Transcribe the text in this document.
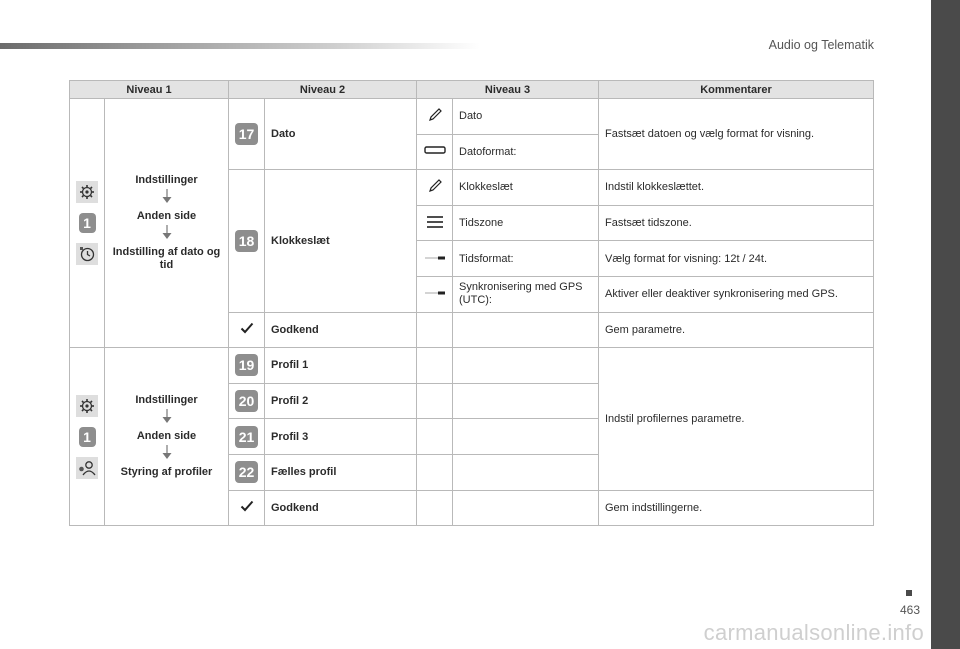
Audio og Telematik
463
carmanualsonline.info
Niveau 1		Niveau 2		Niveau 3		Kommentarer

1	Indstillinger
Anden side
Indstilling af dato og tid	17	Dato		Dato	Fastsæt datoen og vælg format for visning.
	Datoformat:	
		18	Klokkeslæt		Klokkeslæt	Indstil klokkeslættet.
	Tidszone	Fastsæt tidszone.
	Tidsformat:	Vælg format for visning: 12t / 24t.
	Synkronisering med GPS (UTC):	Aktiver eller deaktiver synkronisering med GPS.
	Godkend			Gem parametre.

1	Indstillinger
Anden side
Styring af profiler	19	Profil 1			Indstil profilernes parametre.
		20	Profil 2			
		21	Profil 3			
		22	Fælles profil			
	Godkend			Gem indstillingerne.
